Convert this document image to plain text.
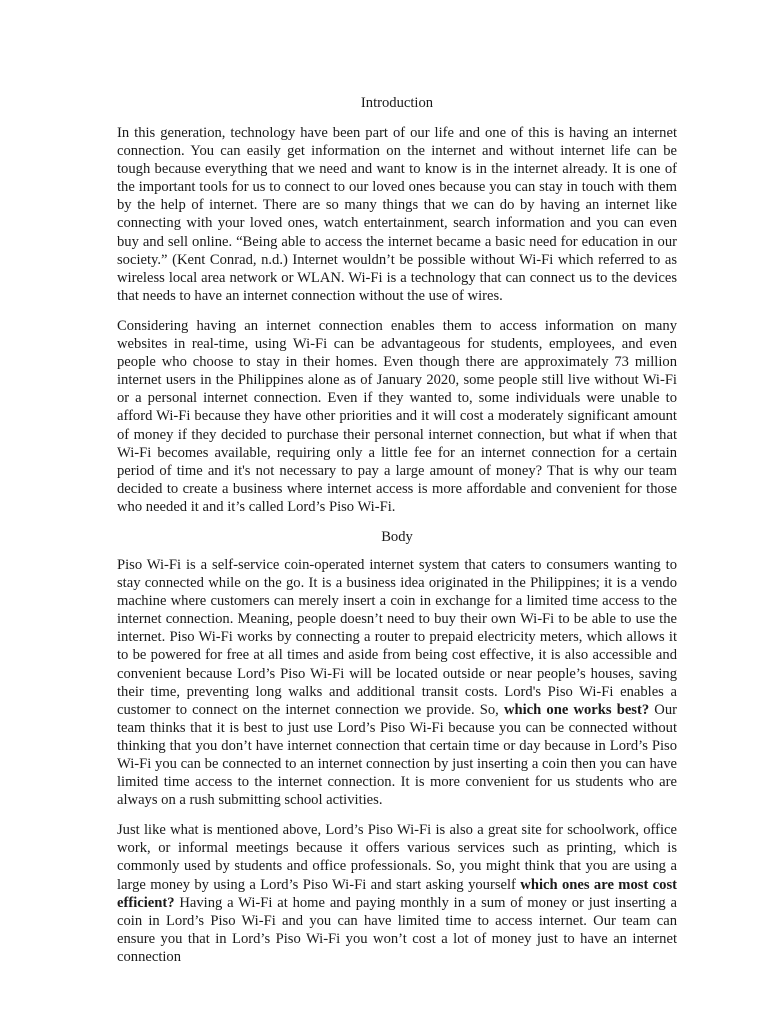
Introduction

In this generation, technology have been part of our life and one of this is having an internet connection. You can easily get information on the internet and without internet life can be tough because everything that we need and want to know is in the internet already. It is one of the important tools for us to connect to our loved ones because you can stay in touch with them by the help of internet. There are so many things that we can do by having an internet like connecting with your loved ones, watch entertainment, search information and you can even buy and sell online. “Being able to access the internet became a basic need for education in our society.” (Kent Conrad, n.d.) Internet wouldn’t be possible without Wi-Fi which referred to as wireless local area network or WLAN. Wi-Fi is a technology that can connect us to the devices that needs to have an internet connection without the use of wires.

Considering having an internet connection enables them to access information on many websites in real-time, using Wi-Fi can be advantageous for students, employees, and even people who choose to stay in their homes. Even though there are approximately 73 million internet users in the Philippines alone as of January 2020, some people still live without Wi-Fi or a personal internet connection. Even if they wanted to, some individuals were unable to afford Wi-Fi because they have other priorities and it will cost a moderately significant amount of money if they decided to purchase their personal internet connection, but what if when that Wi-Fi becomes available, requiring only a little fee for an internet connection for a certain period of time and it's not necessary to pay a large amount of money? That is why our team decided to create a business where internet access is more affordable and convenient for those who needed it and it’s called Lord’s Piso Wi-Fi.

Body

Piso Wi-Fi is a self-service coin-operated internet system that caters to consumers wanting to stay connected while on the go. It is a business idea originated in the Philippines; it is a vendo machine where customers can merely insert a coin in exchange for a limited time access to the internet connection. Meaning, people doesn’t need to buy their own Wi-Fi to be able to use the internet. Piso Wi-Fi works by connecting a router to prepaid electricity meters, which allows it to be powered for free at all times and aside from being cost effective, it is also accessible and convenient because Lord’s Piso Wi-Fi will be located outside or near people’s houses, saving their time, preventing long walks and additional transit costs. Lord's Piso Wi-Fi enables a customer to connect on the internet connection we provide. So, which one works best? Our team thinks that it is best to just use Lord’s Piso Wi-Fi because you can be connected without thinking that you don’t have internet connection that certain time or day because in Lord’s Piso Wi-Fi you can be connected to an internet connection by just inserting a coin then you can have limited time access to the internet connection. It is more convenient for us students who are always on a rush submitting school activities.

Just like what is mentioned above, Lord’s Piso Wi-Fi is also a great site for schoolwork, office work, or informal meetings because it offers various services such as printing, which is commonly used by students and office professionals. So, you might think that you are using a large money by using a Lord’s Piso Wi-Fi and start asking yourself which ones are most cost efficient? Having a Wi-Fi at home and paying monthly in a sum of money or just inserting a coin in Lord’s Piso Wi-Fi and you can have limited time to access internet. Our team can ensure you that in Lord’s Piso Wi-Fi you won’t cost a lot of money just to have an internet connection
